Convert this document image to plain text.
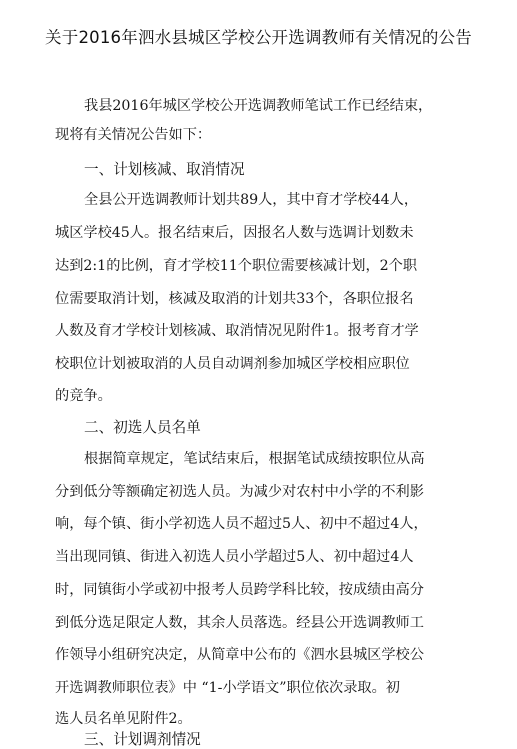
关于2016年泗水县城区学校公开选调教师有关情况的公告
我县2016年城区学校公开选调教师笔试工作已经结束，
现将有关情况公告如下：
一、计划核减、取消情况
全县公开选调教师计划共89人，其中育才学校44人，
城区学校45人。报名结束后，因报名人数与选调计划数未
达到2:1的比例，育才学校11个职位需要核减计划，2个职
位需要取消计划，核减及取消的计划共33个，各职位报名
人数及育才学校计划核减、取消情况见附件1。报考育才学
校职位计划被取消的人员自动调剂参加城区学校相应职位
的竞争。
二、初选人员名单
根据简章规定，笔试结束后，根据笔试成绩按职位从高
分到低分等额确定初选人员。为减少对农村中小学的不利影
响，每个镇、街小学初选人员不超过5人、初中不超过4人，
当出现同镇、街进入初选人员小学超过5人、初中超过4人
时，同镇街小学或初中报考人员跨学科比较，按成绩由高分
到低分选足限定人数，其余人员落选。经县公开选调教师工
作领导小组研究决定，从简章中公布的《泗水县城区学校公
开选调教师职位表》中 “1-小学语文”职位依次录取。初
选人员名单见附件2。
三、计划调剂情况
